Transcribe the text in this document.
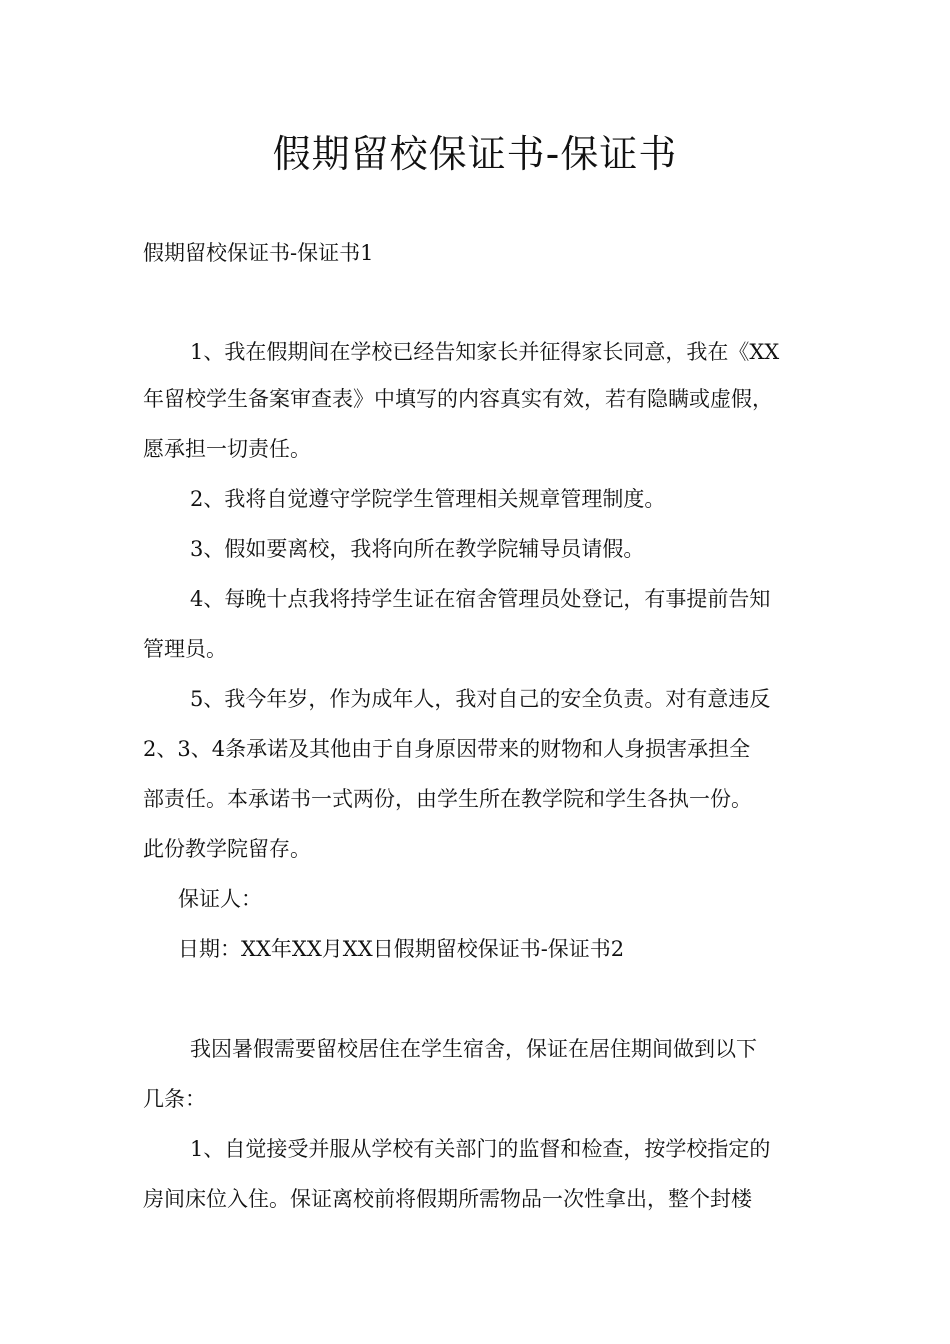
假期留校保证书-保证书

假期留校保证书-保证书1

1、我在假期间在学校已经告知家长并征得家长同意，我在《XX

年留校学生备案审查表》中填写的内容真实有效，若有隐瞒或虚假，

愿承担一切责任。

2、我将自觉遵守学院学生管理相关规章管理制度。

3、假如要离校，我将向所在教学院辅导员请假。

4、每晚十点我将持学生证在宿舍管理员处登记，有事提前告知

管理员。

5、我今年岁，作为成年人，我对自己的安全负责。对有意违反

2、3、4条承诺及其他由于自身原因带来的财物和人身损害承担全

部责任。本承诺书一式两份，由学生所在教学院和学生各执一份。

此份教学院留存。

保证人：

日期：XX年XX月XX日假期留校保证书-保证书2

我因暑假需要留校居住在学生宿舍，保证在居住期间做到以下

几条：

1、自觉接受并服从学校有关部门的监督和检查，按学校指定的

房间床位入住。保证离校前将假期所需物品一次性拿出，整个封楼
